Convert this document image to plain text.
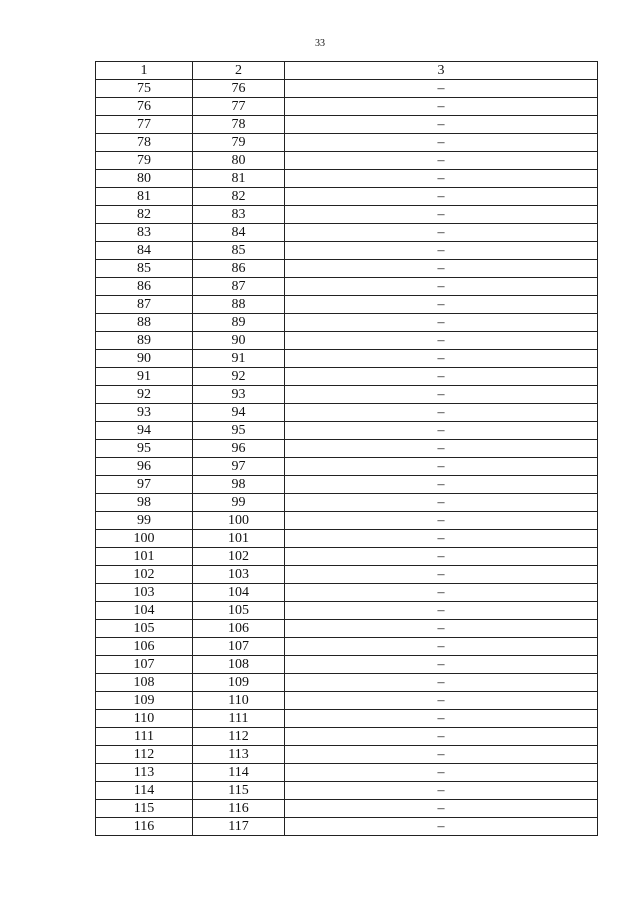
33
1	2	3
75	76	–
76	77	–
77	78	–
78	79	–
79	80	–
80	81	–
81	82	–
82	83	–
83	84	–
84	85	–
85	86	–
86	87	–
87	88	–
88	89	–
89	90	–
90	91	–
91	92	–
92	93	–
93	94	–
94	95	–
95	96	–
96	97	–
97	98	–
98	99	–
99	100	–
100	101	–
101	102	–
102	103	–
103	104	–
104	105	–
105	106	–
106	107	–
107	108	–
108	109	–
109	110	–
110	111	–
111	112	–
112	113	–
113	114	–
114	115	–
115	116	–
116	117	–
